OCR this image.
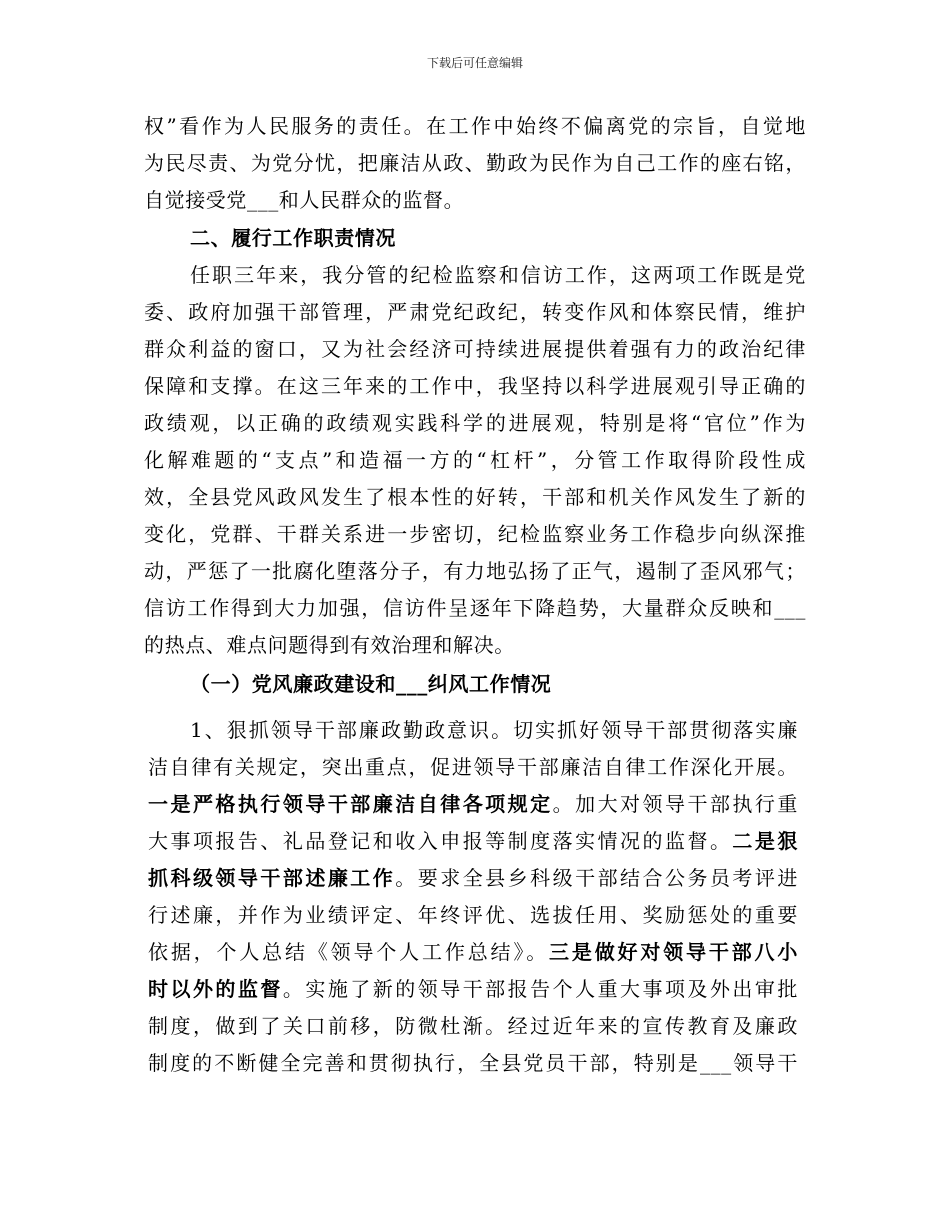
下载后可任意编辑
权”看作为人民服务的责任。在工作中始终不偏离党的宗旨，自觉地
为民尽责、为党分忧，把廉洁从政、勤政为民作为自己工作的座右铭，
自觉接受党___和人民群众的监督。
二、履行工作职责情况
任职三年来，我分管的纪检监察和信访工作，这两项工作既是党
委、政府加强干部管理，严肃党纪政纪，转变作风和体察民情，维护
群众利益的窗口，又为社会经济可持续进展提供着强有力的政治纪律
保障和支撑。在这三年来的工作中，我坚持以科学进展观引导正确的
政绩观，以正确的政绩观实践科学的进展观，特别是将“官位”作为
化解难题的“支点”和造福一方的“杠杆”，分管工作取得阶段性成
效，全县党风政风发生了根本性的好转，干部和机关作风发生了新的
变化，党群、干群关系进一步密切，纪检监察业务工作稳步向纵深推
动，严惩了一批腐化堕落分子，有力地弘扬了正气，遏制了歪风邪气；
信访工作得到大力加强，信访件呈逐年下降趋势，大量群众反映和___
的热点、难点问题得到有效治理和解决。
（一）党风廉政建设和___纠风工作情况
1、狠抓领导干部廉政勤政意识。切实抓好领导干部贯彻落实廉
洁自律有关规定，突出重点，促进领导干部廉洁自律工作深化开展。
一是严格执行领导干部廉洁自律各项规定。加大对领导干部执行重
大事项报告、礼品登记和收入申报等制度落实情况的监督。二是狠
抓科级领导干部述廉工作。要求全县乡科级干部结合公务员考评进
行述廉，并作为业绩评定、年终评优、选拔任用、奖励惩处的重要
依据，个人总结《领导个人工作总结》。三是做好对领导干部八小
时以外的监督。实施了新的领导干部报告个人重大事项及外出审批
制度，做到了关口前移，防微杜渐。经过近年来的宣传教育及廉政
制度的不断健全完善和贯彻执行，全县党员干部，特别是___领导干
